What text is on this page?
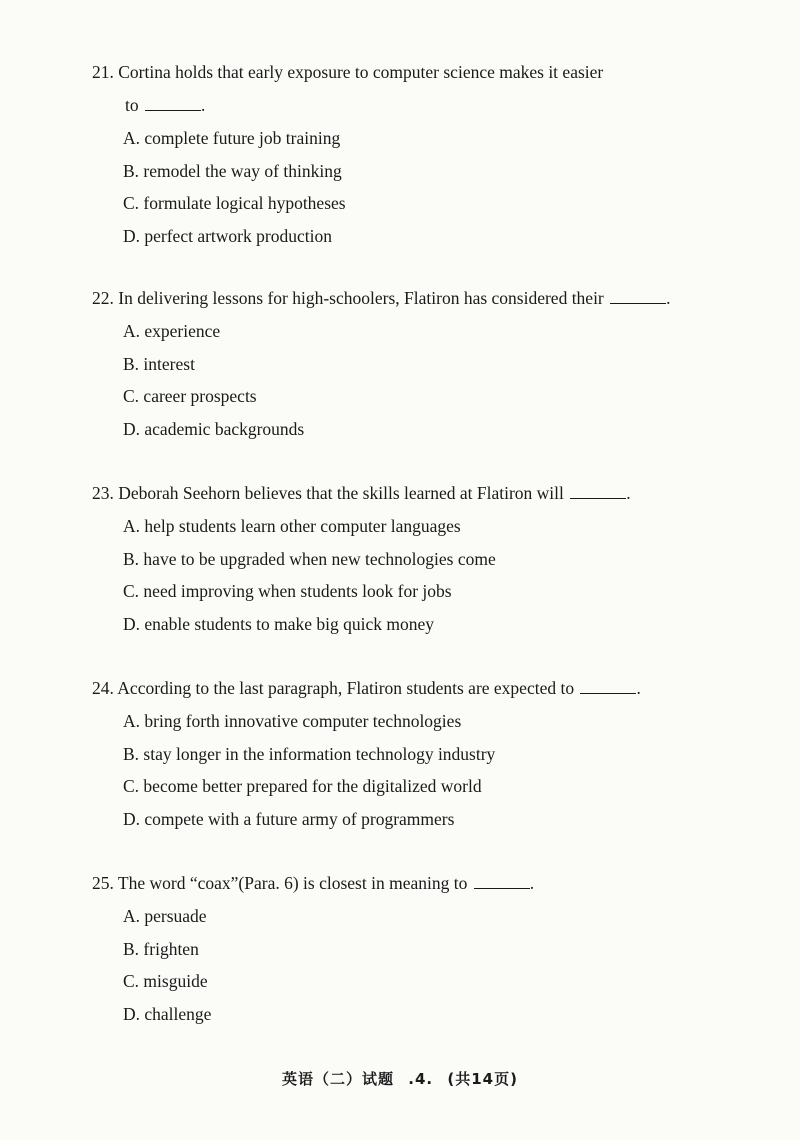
21. Cortina holds that early exposure to computer science makes it easier
to	.

A. complete future job training
B. remodel the way of thinking
C. formulate logical hypotheses
D. perfect artwork production

22. In delivering lessons for high-schoolers, Flatiron has considered their	.

A. experience
B. interest
C. career prospects
D. academic backgrounds

23. Deborah Seehorn believes that the skills learned at Flatiron will	.

A. help students learn other computer languages
B. have to be upgraded when new technologies come
C. need improving when students look for jobs
D. enable students to make big quick money

24. According to the last paragraph, Flatiron students are expected to	.

A. bring forth innovative computer technologies
B. stay longer in the information technology industry
C. become better prepared for the digitalized world
D. compete with a future army of programmers

25. The word “coax”(Para. 6) is closest in meaning to	.

A. persuade
B. frighten
C. misguide
D. challenge
英语（二）试题 .4. (共14页)
